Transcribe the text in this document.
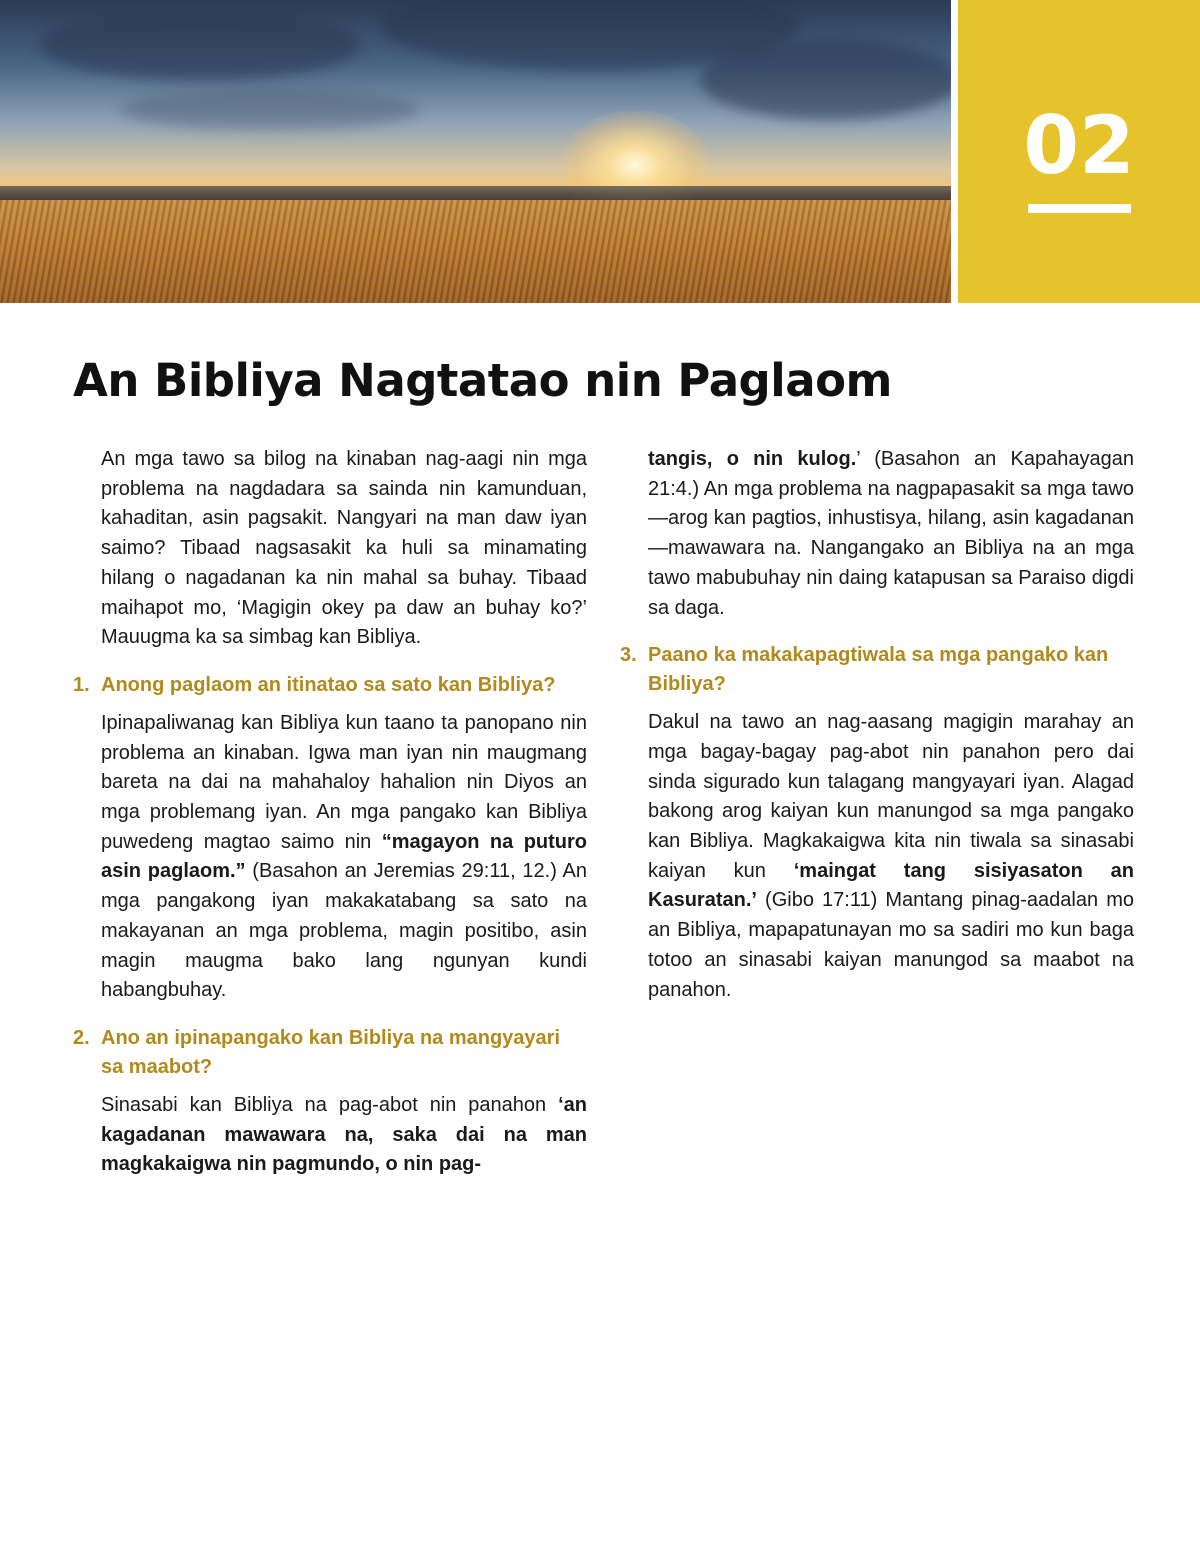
02
An Bibliya Nagtatao nin Paglaom

An mga tawo sa bilog na kinaban nag-aagi nin mga problema na nagdadara sa sainda nin kamunduan, kahaditan, asin pagsakit. Nangyari na man daw iyan saimo? Tibaad nagsasakit ka huli sa minamating hilang o nagadanan ka nin mahal sa buhay. Tibaad maihapot mo, ‘Magigin okey pa daw an buhay ko?’ Mauugma ka sa simbag kan Bibliya.

1. Anong paglaom an itinatao sa sato kan Bibliya?

Ipinapaliwanag kan Bibliya kun taano ta panopano nin problema an kinaban. Igwa man iyan nin maugmang bareta na dai na mahahaloy hahalion nin Diyos an mga problemang iyan. An mga pangako kan Bibliya puwedeng magtao saimo nin “magayon na puturo asin paglaom.” (Basahon an Jeremias 29:11, 12.) An mga pangakong iyan makakatabang sa sato na makayanan an mga problema, magin positibo, asin magin maugma bako lang ngunyan kundi habangbuhay.

2. Ano an ipinapangako kan Bibliya na mangyayari sa maabot?

Sinasabi kan Bibliya na pag-abot nin panahon ‘an kagadanan mawawara na, saka dai na man magkakaigwa nin pagmundo, o nin pag-

tangis, o nin kulog.’ (Basahon an Kapahayagan 21:4.) An mga problema na nagpapasakit sa mga tawo—arog kan pagtios, inhustisya, hilang, asin kagadanan—mawawara na. Nangangako an Bibliya na an mga tawo mabubuhay nin daing katapusan sa Paraiso digdi sa daga.

3. Paano ka makakapagtiwala sa mga pangako kan Bibliya?

Dakul na tawo an nag-aasang magigin marahay an mga bagay-bagay pag-abot nin panahon pero dai sinda sigurado kun talagang mangyayari iyan. Alagad bakong arog kaiyan kun manungod sa mga pangako kan Bibliya. Magkakaigwa kita nin tiwala sa sinasabi kaiyan kun ‘maingat tang sisiyasaton an Kasuratan.’ (Gibo 17:11) Mantang pinag-aadalan mo an Bibliya, mapapatunayan mo sa sadiri mo kun baga totoo an sinasabi kaiyan manungod sa maabot na panahon.
